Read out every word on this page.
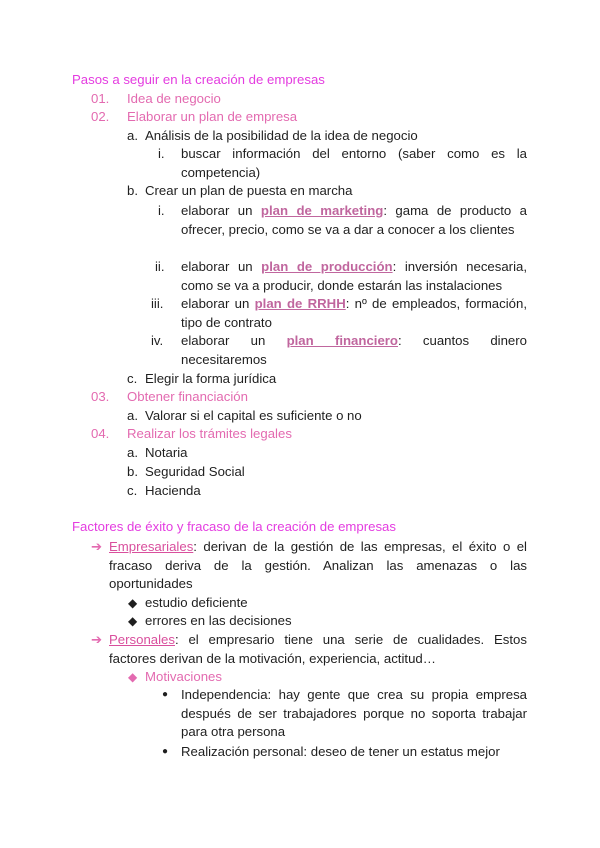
Pasos a seguir en la creación de empresas
01. Idea de negocio
02. Elaborar un plan de empresa
a. Análisis de la posibilidad de la idea de negocio
i. buscar información del entorno (saber como es la competencia)
b. Crear un plan de puesta en marcha
i. elaborar un plan de marketing: gama de producto a ofrecer, precio, como se va a dar a conocer a los clientes
ii. elaborar un plan de producción: inversión necesaria, como se va a producir, donde estarán las instalaciones
iii. elaborar un plan de RRHH: nº de empleados, formación, tipo de contrato
iv. elaborar un plan financiero: cuantos dinero necesitaremos
c. Elegir la forma jurídica
03. Obtener financiación
a. Valorar si el capital es suficiente o no
04. Realizar los trámites legales
a. Notaria
b. Seguridad Social
c. Hacienda
Factores de éxito y fracaso de la creación de empresas
➔ Empresariales: derivan de la gestión de las empresas, el éxito o el fracaso deriva de la gestión. Analizan las amenazas o las oportunidades
◆ estudio deficiente
◆ errores en las decisiones
➔ Personales: el empresario tiene una serie de cualidades. Estos factores derivan de la motivación, experiencia, actitud…
◆ Motivaciones
● Independencia: hay gente que crea su propia empresa después de ser trabajadores porque no soporta trabajar para otra persona
● Realización personal: deseo de tener un estatus mejor
